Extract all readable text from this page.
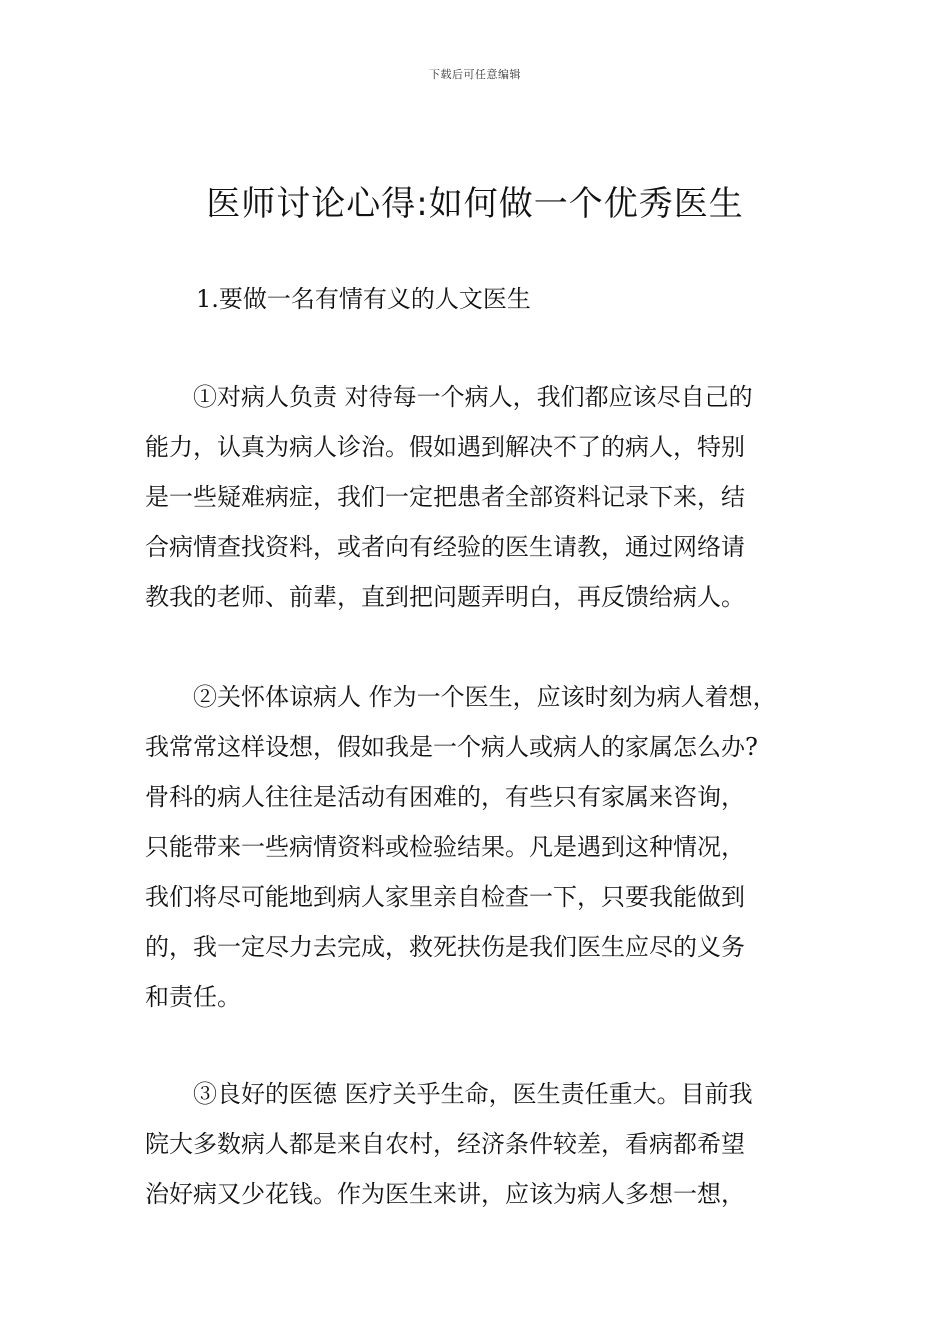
下载后可任意编辑
医师讨论心得:如何做一个优秀医生
1.要做一名有情有义的人文医生

①对病人负责 对待每一个病人，我们都应该尽自己的
能力，认真为病人诊治。假如遇到解决不了的病人，特别
是一些疑难病症，我们一定把患者全部资料记录下来，结
合病情查找资料，或者向有经验的医生请教，通过网络请
教我的老师、前辈，直到把问题弄明白，再反馈给病人。

②关怀体谅病人 作为一个医生，应该时刻为病人着想，
我常常这样设想，假如我是一个病人或病人的家属怎么办?
骨科的病人往往是活动有困难的，有些只有家属来咨询，
只能带来一些病情资料或检验结果。凡是遇到这种情况，
我们将尽可能地到病人家里亲自检查一下，只要我能做到
的，我一定尽力去完成，救死扶伤是我们医生应尽的义务
和责任。

③良好的医德 医疗关乎生命，医生责任重大。目前我
院大多数病人都是来自农村，经济条件较差，看病都希望
治好病又少花钱。作为医生来讲，应该为病人多想一想，
